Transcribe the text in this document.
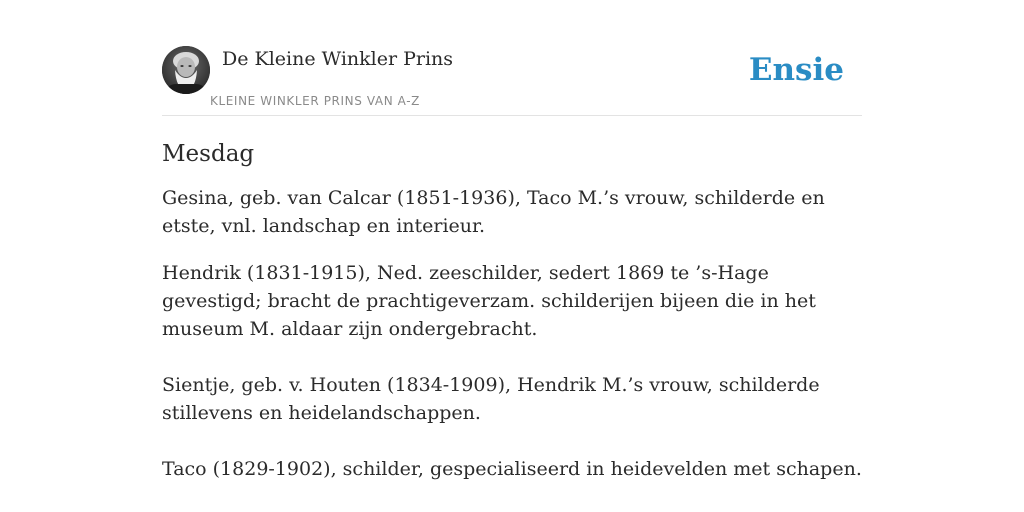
De Kleine Winkler Prins
KLEINE WINKLER PRINS VAN A-Z
Ensie
Mesdag

Gesina, geb. van Calcar (1851-1936), Taco M.’s vrouw, schilderde en etste, vnl. landschap en interieur.

Hendrik (1831-1915), Ned. zeeschilder, sedert 1869 te ’s-Hage gevestigd; bracht de prachtigeverzam. schilderijen bijeen die in het museum M. aldaar zijn ondergebracht.

Sientje, geb. v. Houten (1834-1909), Hendrik M.’s vrouw, schilderde stillevens en heidelandschappen.

Taco (1829-1902), schilder, gespecialiseerd in heidevelden met schapen.
